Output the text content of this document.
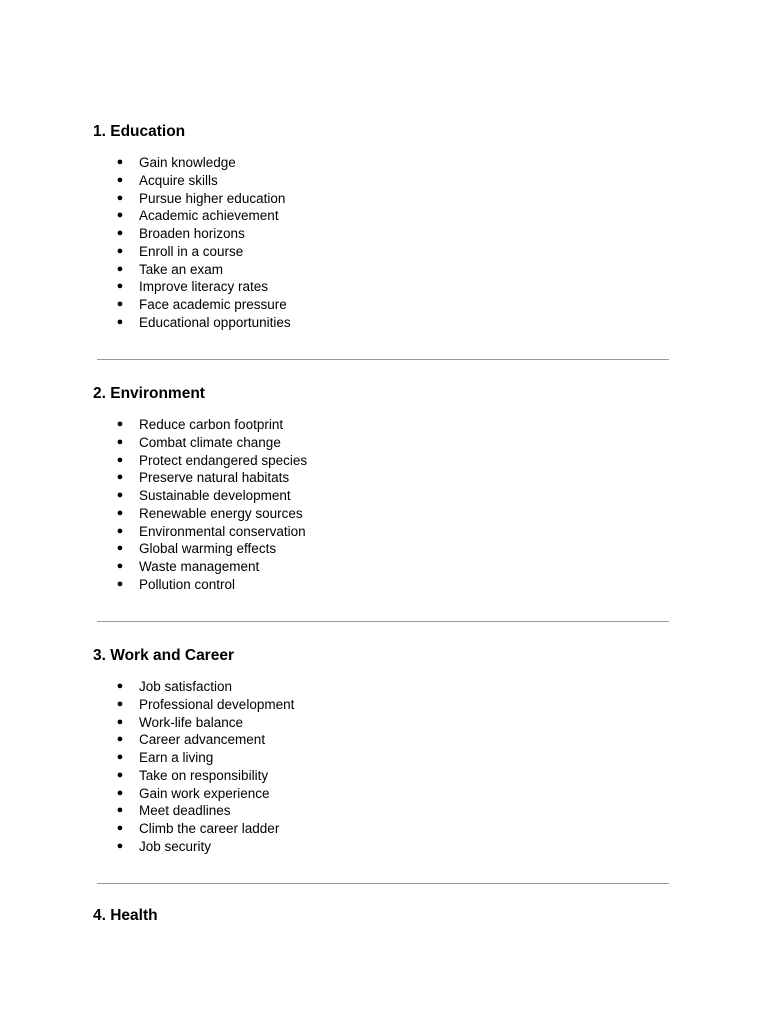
1. Education
● Gain knowledge
● Acquire skills
● Pursue higher education
● Academic achievement
● Broaden horizons
● Enroll in a course
● Take an exam
● Improve literacy rates
● Face academic pressure
● Educational opportunities
2. Environment
● Reduce carbon footprint
● Combat climate change
● Protect endangered species
● Preserve natural habitats
● Sustainable development
● Renewable energy sources
● Environmental conservation
● Global warming effects
● Waste management
● Pollution control
3. Work and Career
● Job satisfaction
● Professional development
● Work-life balance
● Career advancement
● Earn a living
● Take on responsibility
● Gain work experience
● Meet deadlines
● Climb the career ladder
● Job security
4. Health
